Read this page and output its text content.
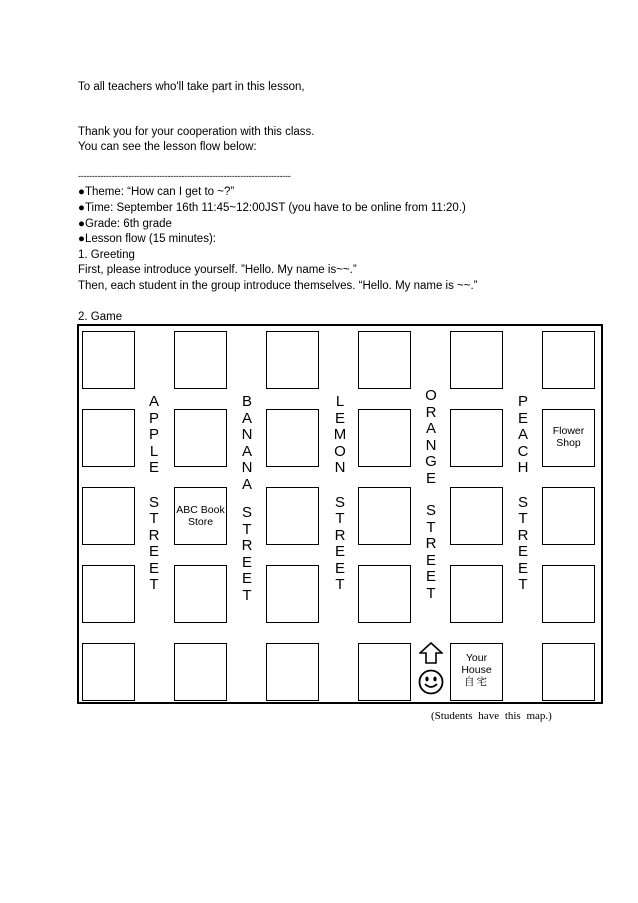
To all teachers who'll take part in this lesson,
Thank you for your cooperation with this class.
You can see the lesson flow below:
----------------------------------------------------------------------------
●Theme: “How can I get to ~?”
●Time: September 16th 11:45~12:00JST (you have to be online from 11:20.)
●Grade: 6th grade
●Lesson flow (15 minutes):
1. Greeting
First, please introduce yourself. ”Hello. My name is~~.”
Then, each student in the group introduce themselves. “Hello. My name is ~~.”
2. Game
ABC Book Store
Your House
自宅
Flower Shop
A
P
P
L
E
S
T
R
E
E
T
B
A
N
A
N
A
S
T
R
E
E
T
L
E
M
O
N
S
T
R
E
E
T
O
R
A
N
G
E
S
T
R
E
E
T
P
E
A
C
H
S
T
R
E
E
T
(Students have this map.)
